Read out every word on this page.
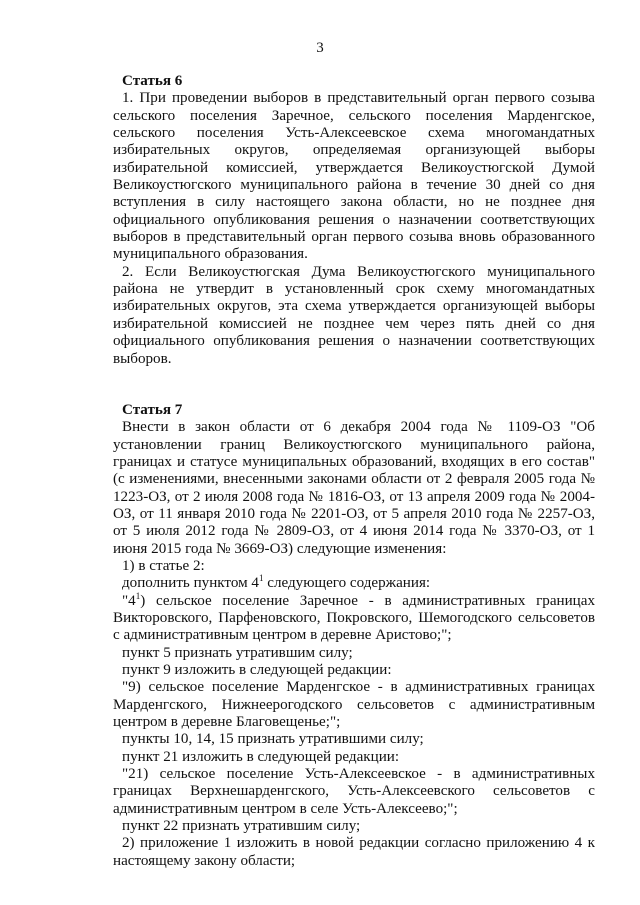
3

Статья 6

1. При проведении выборов в представительный орган первого созыва сельского поселения Заречное, сельского поселения Марденгское, сельского поселения Усть-Алексеевское схема многомандатных избирательных округов, определяемая организующей выборы избирательной комиссией, утверждается Великоустюгской Думой Великоустюгского муниципального района в течение 30 дней со дня вступления в силу настоящего закона области, но не позднее дня официального опубликования решения о назначении соответствующих выборов в представительный орган первого созыва вновь образованного муниципального образования.

2. Если Великоустюгская Дума Великоустюгского муниципального района не утвердит в установленный срок схему многомандатных избирательных округов, эта схема утверждается организующей выборы избирательной комиссией не позднее чем через пять дней со дня официального опубликования решения о назначении соответствующих выборов.

Статья 7

Внести в закон области от 6 декабря 2004 года № 1109-ОЗ "Об установлении границ Великоустюгского муниципального района, границах и статусе муниципальных образований, входящих в его состав" (с изменениями, внесенными законами области от 2 февраля 2005 года № 1223-ОЗ, от 2 июля 2008 года № 1816-ОЗ, от 13 апреля 2009 года № 2004-ОЗ, от 11 января 2010 года № 2201-ОЗ, от 5 апреля 2010 года № 2257-ОЗ, от 5 июля 2012 года № 2809-ОЗ, от 4 июня 2014 года № 3370-ОЗ, от 1 июня 2015 года № 3669-ОЗ) следующие изменения:

1) в статье 2:

дополнить пунктом $4^1$ следующего содержания:

"$4^1$) сельское поселение Заречное - в административных границах Викторовского, Парфеновского, Покровского, Шемогодского сельсоветов с административным центром в деревне Аристово;";

пункт 5 признать утратившим силу;

пункт 9 изложить в следующей редакции:

"9) сельское поселение Марденгское - в административных границах Марденгского, Нижнеерогодского сельсоветов с административным центром в деревне Благовещенье;";

пункты 10, 14, 15 признать утратившими силу;

пункт 21 изложить в следующей редакции:

"21) сельское поселение Усть-Алексеевское - в административных границах Верхнешарденгского, Усть-Алексеевского сельсоветов с административным центром в селе Усть-Алексеево;";

пункт 22 признать утратившим силу;

2) приложение 1 изложить в новой редакции согласно приложению 4 к настоящему закону области;
